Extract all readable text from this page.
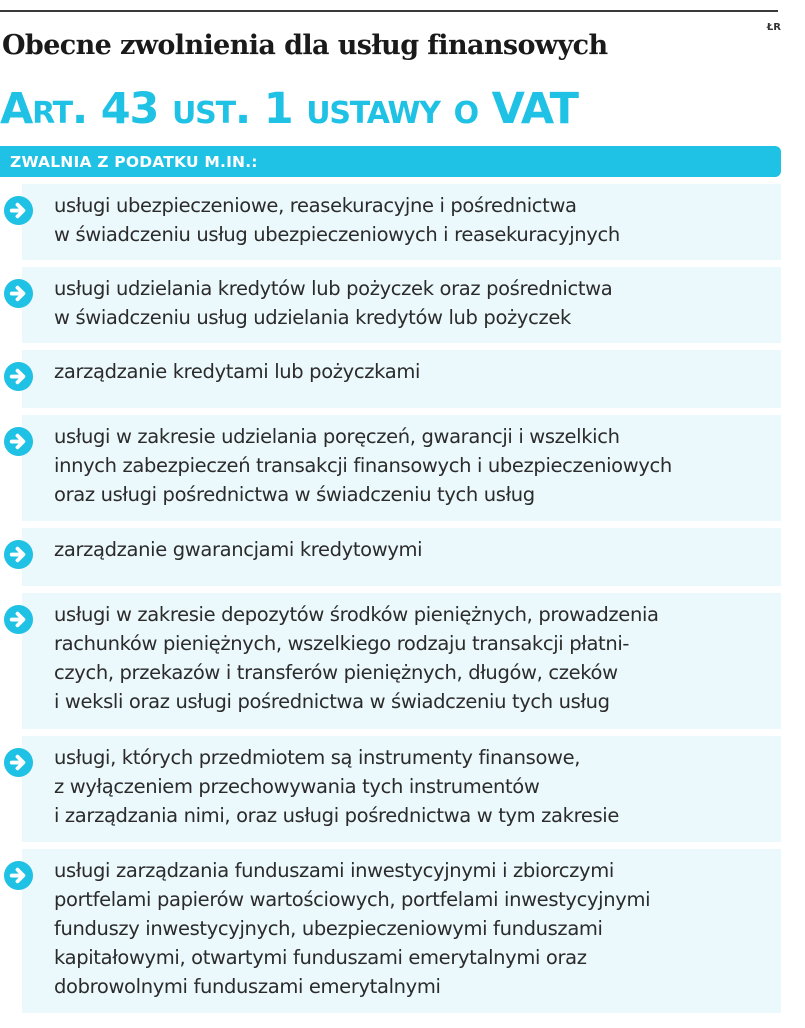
ŁR
Obecne zwolnienia dla usług finansowych
Art. 43 ust. 1 ustawy o VAT
ZWALNIA Z PODATKU M.IN.:
usługi ubezpieczeniowe, reasekuracyjne i pośrednictwa
w świadczeniu usług ubezpieczeniowych i reasekuracyjnych
usługi udzielania kredytów lub pożyczek oraz pośrednictwa
w świadczeniu usług udzielania kredytów lub pożyczek
zarządzanie kredytami lub pożyczkami
usługi w zakresie udzielania poręczeń, gwarancji i wszelkich
innych zabezpieczeń transakcji finansowych i ubezpieczeniowych
oraz usługi pośrednictwa w świadczeniu tych usług
zarządzanie gwarancjami kredytowymi
usługi w zakresie depozytów środków pieniężnych, prowadzenia
rachunków pieniężnych, wszelkiego rodzaju transakcji płatni-
czych, przekazów i transferów pieniężnych, długów, czeków
i weksli oraz usługi pośrednictwa w świadczeniu tych usług
usługi, których przedmiotem są instrumenty finansowe,
z wyłączeniem przechowywania tych instrumentów
i zarządzania nimi, oraz usługi pośrednictwa w tym zakresie
usługi zarządzania funduszami inwestycyjnymi i zbiorczymi
portfelami papierów wartościowych, portfelami inwestycyjnymi
funduszy inwestycyjnych, ubezpieczeniowymi funduszami
kapitałowymi, otwartymi funduszami emerytalnymi oraz
dobrowolnymi funduszami emerytalnymi
